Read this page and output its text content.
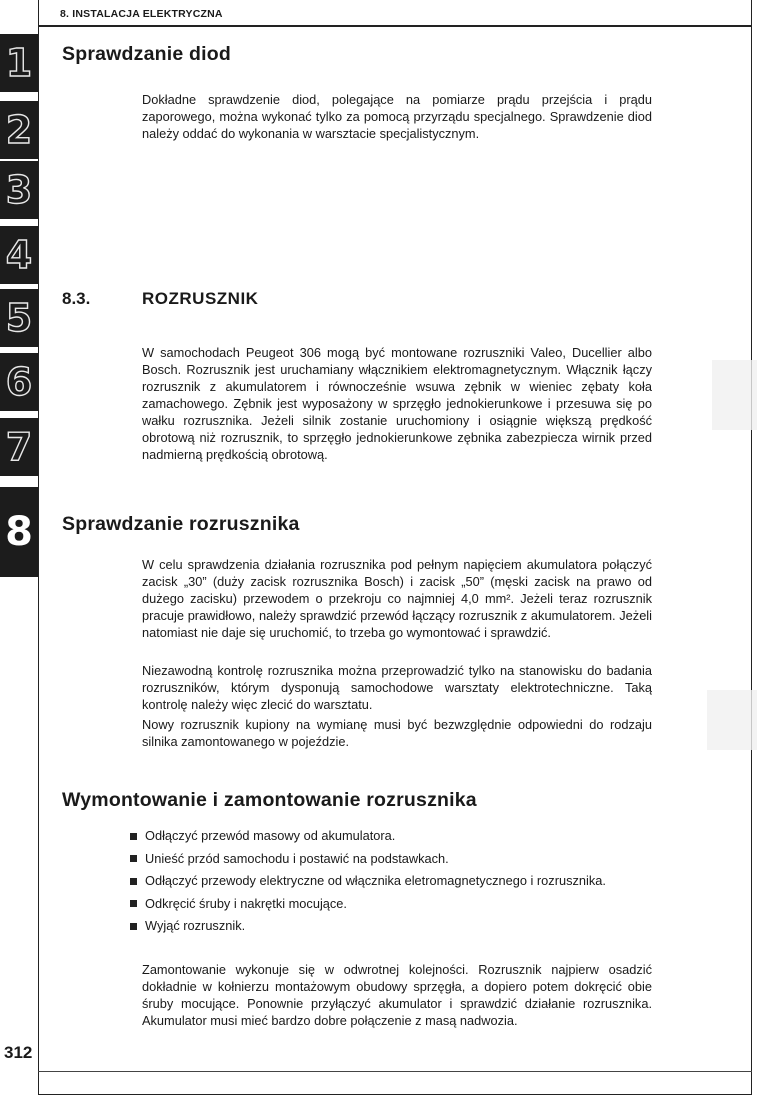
8. INSTALACJA ELEKTRYCZNA
1
2
3
4
5
6
7
8
Sprawdzanie diod

Dokładne sprawdzenie diod, polegające na pomiarze prądu przejścia i prądu zaporowego, można wykonać tylko za pomocą przyrządu specjalnego. Sprawdzenie diod należy oddać do wykonania w warsztacie specjalistycznym.

8.3.	ROZRUSZNIK

W samochodach Peugeot 306 mogą być montowane rozruszniki Valeo, Ducellier albo Bosch. Rozrusznik jest uruchamiany włącznikiem elektromagnetycznym. Włącznik łączy rozrusznik z akumulatorem i równocześnie wsuwa zębnik w wieniec zębaty koła zamachowego. Zębnik jest wyposażony w sprzęgło jednokierunkowe i przesuwa się po wałku rozrusznika. Jeżeli silnik zostanie uruchomiony i osiągnie większą prędkość obrotową niż rozrusznik, to sprzęgło jednokierunkowe zębnika zabezpiecza wirnik przed nadmierną prędkością obrotową.

Sprawdzanie rozrusznika

W celu sprawdzenia działania rozrusznika pod pełnym napięciem akumulatora połączyć zacisk „30” (duży zacisk rozrusznika Bosch) i zacisk „50” (męski zacisk na prawo od dużego zacisku) przewodem o przekroju co najmniej 4,0 mm². Jeżeli teraz rozrusznik pracuje prawidłowo, należy sprawdzić przewód łączący rozrusznik z akumulatorem. Jeżeli natomiast nie daje się uruchomić, to trzeba go wymontować i sprawdzić.

Niezawodną kontrolę rozrusznika można przeprowadzić tylko na stanowisku do badania rozruszników, którym dysponują samochodowe warsztaty elektrotechniczne. Taką kontrolę należy więc zlecić do warsztatu.

Nowy rozrusznik kupiony na wymianę musi być bezwzględnie odpowiedni do rodzaju silnika zamontowanego w pojeździe.

Wymontowanie i zamontowanie rozrusznika
Odłączyć przewód masowy od akumulatora.
Unieść przód samochodu i postawić na podstawkach.
Odłączyć przewody elektryczne od włącznika eletromagnetycznego i rozrusznika.
Odkręcić śruby i nakrętki mocujące.
Wyjąć rozrusznik.

Zamontowanie wykonuje się w odwrotnej kolejności. Rozrusznik najpierw osadzić dokładnie w kołnierzu montażowym obudowy sprzęgła, a dopiero potem dokręcić obie śruby mocujące. Ponownie przyłączyć akumulator i sprawdzić działanie rozrusznika. Akumulator musi mieć bardzo dobre połączenie z masą nadwozia.

312
